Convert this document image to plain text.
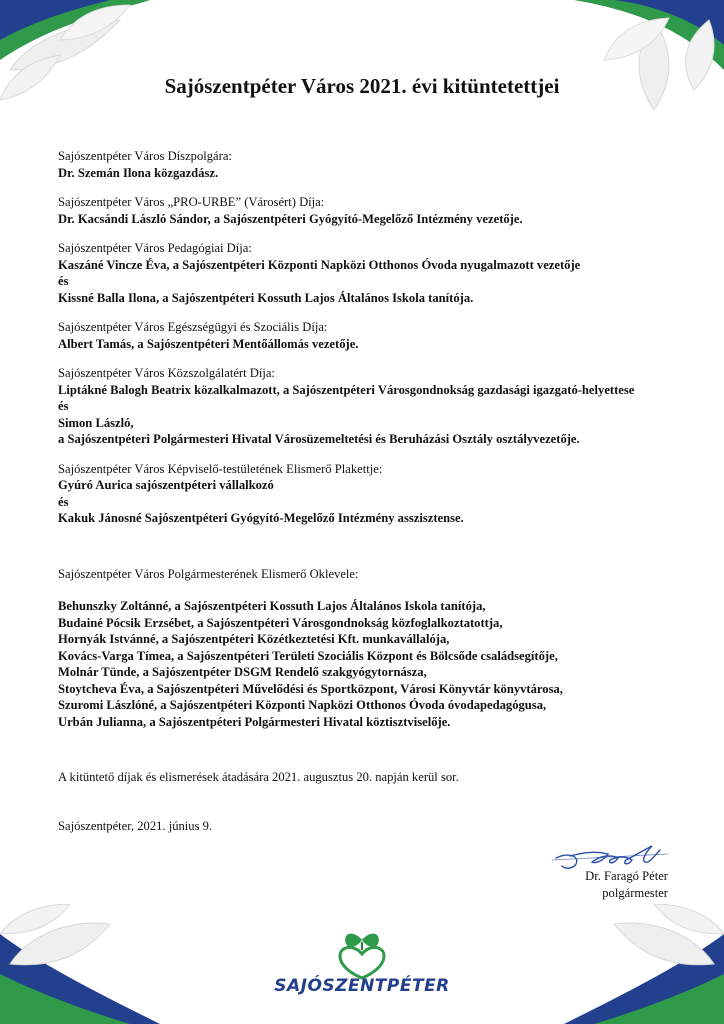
Sajószentpéter Város 2021. évi kitüntetettjei
Sajószentpéter Város Díszpolgára:
Dr. Szemán Ilona közgazdász.
Sajószentpéter Város „PRO-URBE” (Városért) Díja:
Dr. Kacsándi László Sándor, a Sajószentpéteri Gyógyító-Megelőző Intézmény vezetője.
Sajószentpéter Város Pedagógiai Díja:
Kaszáné Vincze Éva, a Sajószentpéteri Központi Napközi Otthonos Óvoda nyugalmazott vezetője
és
Kissné Balla Ilona, a Sajószentpéteri Kossuth Lajos Általános Iskola tanítója.
Sajószentpéter Város Egészségügyi és Szociális Díja:
Albert Tamás, a Sajószentpéteri Mentőállomás vezetője.
Sajószentpéter Város Közszolgálatért Díja:
Liptákné Balogh Beatrix közalkalmazott, a Sajószentpéteri Városgondnokság gazdasági igazgató-helyettese
és
Simon László,
a Sajószentpéteri Polgármesteri Hivatal Városüzemeltetési és Beruházási Osztály osztályvezetője.
Sajószentpéter Város Képviselő-testületének Elismerő Plakettje:
Gyúró Aurica sajószentpéteri vállalkozó
és
Kakuk Jánosné Sajószentpéteri Gyógyító-Megelőző Intézmény asszisztense.
Sajószentpéter Város Polgármesterének Elismerő Oklevele:
Behunszky Zoltánné, a Sajószentpéteri Kossuth Lajos Általános Iskola tanítója,
Budainé Pócsik Erzsébet, a Sajószentpéteri Városgondnokság közfoglalkoztatottja,
Hornyák Istvánné, a Sajószentpéteri Közétkeztetési Kft. munkavállalója,
Kovács-Varga Tímea, a Sajószentpéteri Területi Szociális Központ és Bölcsőde családsegítője,
Molnár Tünde, a Sajószentpéter DSGM Rendelő szakgyógytornásza,
Stoytcheva Éva, a Sajószentpéteri Művelődési és Sportközpont, Városi Könyvtár könyvtárosa,
Szuromi Lászlóné, a Sajószentpéteri Központi Napközi Otthonos Óvoda óvodapedagógusa,
Urbán Julianna, a Sajószentpéteri Polgármesteri Hivatal köztisztviselője.
A kitüntető díjak és elismerések átadására 2021. augusztus 20. napján kerül sor.
Sajószentpéter, 2021. június 9.
Dr. Faragó Péter
polgármester
SAJÓSZENTPÉTER
